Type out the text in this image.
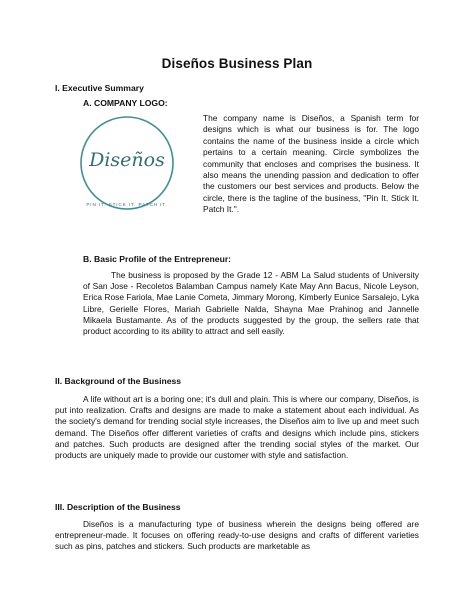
Diseños Business Plan
I. Executive Summary
A. COMPANY LOGO:
Diseños
PIN IT. STICK IT. PATCH IT.

The company name is Diseños, a Spanish term for designs which is what our business is for. The logo contains the name of the business inside a circle which pertains to a certain meaning. Circle symbolizes the community that encloses and comprises the business. It also means the unending passion and dedication to offer the customers our best services and products. Below the circle, there is the tagline of the business, "Pin It. Stick It. Patch It.".

B. Basic Profile of the Entrepreneur:

The business is proposed by the Grade 12 - ABM La Salud students of University of San Jose - Recoletos Balamban Campus namely Kate May Ann Bacus, Nicole Leyson, Erica Rose Fariola, Mae Lanie Cometa, Jimmary Morong, Kimberly Eunice Sarsalejo, Lyka Libre, Gerielle Flores, Mariah Gabrielle Nalda, Shayna Mae Prahinog and Jannelle Mikaela Bustamante. As of the products suggested by the group, the sellers rate that product according to its ability to attract and sell easily.

II. Background of the Business

A life without art is a boring one; it's dull and plain. This is where our company, Diseños, is put into realization. Crafts and designs are made to make a statement about each individual. As the society's demand for trending social style increases, the Diseños aim to live up and meet such demand. The Diseños offer different varieties of crafts and designs which include pins, stickers and patches. Such products are designed after the trending social styles of the market. Our products are uniquely made to provide our customer with style and satisfaction.

III. Description of the Business

Diseños is a manufacturing type of business wherein the designs being offered are entrepreneur-made. It focuses on offering ready-to-use designs and crafts of different varieties such as pins, patches and stickers. Such products are marketable as
